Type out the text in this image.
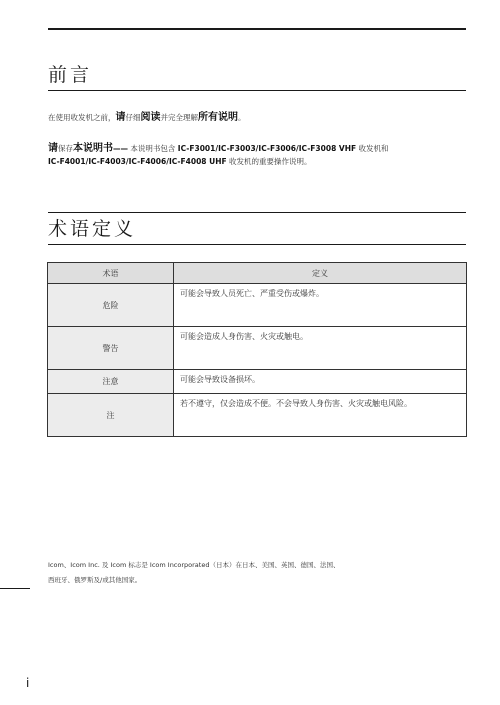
前言

在使用收发机之前，请仔细阅读并完全理解所有说明。

请保存本说明书—— 本说明书包含 IC-F3001/IC-F3003/IC-F3006/IC-F3008 VHF 收发机和
IC-F4001/IC-F4003/IC-F4006/IC-F4008 UHF 收发机的重要操作说明。

术语定义
术语	定义
危险	可能会导致人员死亡、严重受伤或爆炸。
警告	可能会造成人身伤害、火灾或触电。
注意	可能会导致设备损坏。
注	若不遵守，仅会造成不便。不会导致人身伤害、火灾或触电风险。

Icom、Icom Inc. 及 Icom 标志是 Icom Incorporated（日本）在日本、美国、英国、德国、法国、
西班牙、俄罗斯及/或其他国家。

i
